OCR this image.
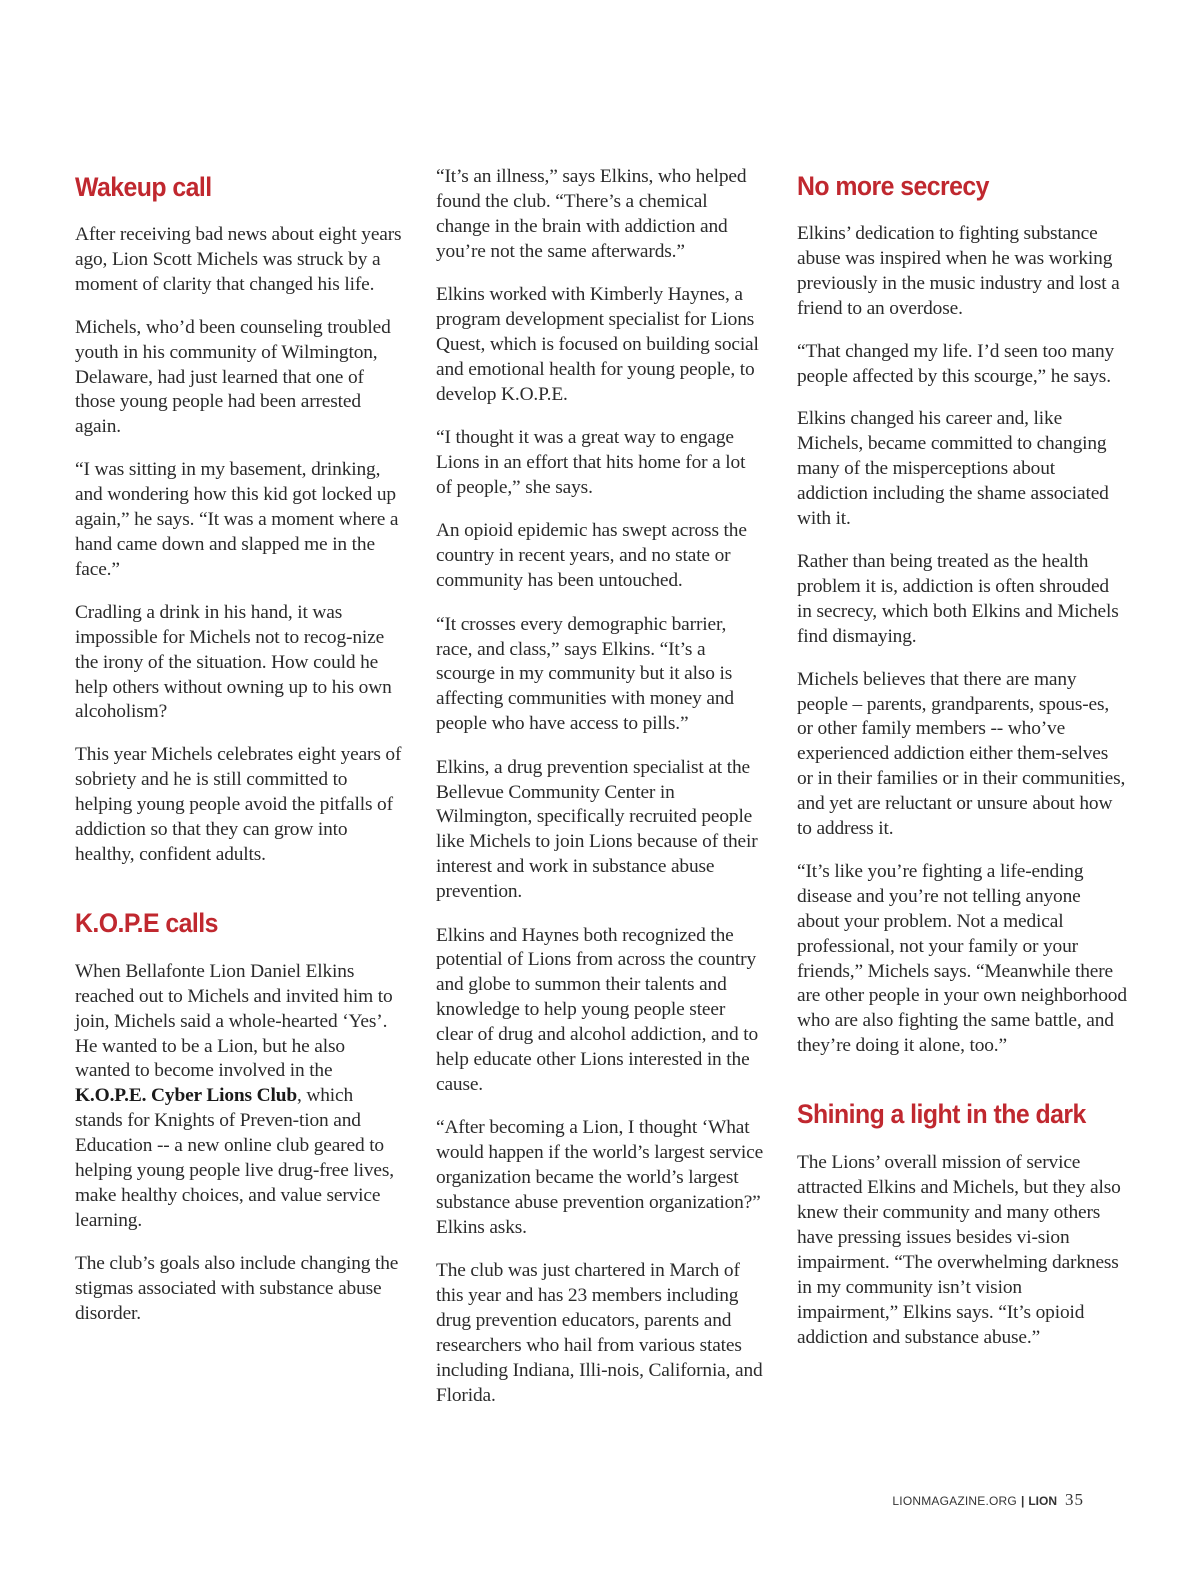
Wakeup call

After receiving bad news about eight years ago, Lion Scott Michels was struck by a moment of clarity that changed his life.

Michels, who’d been counseling troubled youth in his community of Wilmington, Delaware, had just learned that one of those young people had been arrested again.

“I was sitting in my basement, drinking, and wondering how this kid got locked up again,” he says. “It was a moment where a hand came down and slapped me in the face.”

Cradling a drink in his hand, it was impossible for Michels not to recog-nize the irony of the situation. How could he help others without owning up to his own alcoholism?

This year Michels celebrates eight years of sobriety and he is still committed to helping young people avoid the pitfalls of addiction so that they can grow into healthy, confident adults.

K.O.P.E calls

When Bellafonte Lion Daniel Elkins reached out to Michels and invited him to join, Michels said a whole-hearted ‘Yes’. He wanted to be a Lion, but he also wanted to become involved in the K.O.P.E. Cyber Lions Club, which stands for Knights of Preven-tion and Education -- a new online club geared to helping young people live drug-free lives, make healthy choices, and value service learning.

The club’s goals also include changing the stigmas associated with substance abuse disorder.

“It’s an illness,” says Elkins, who helped found the club. “There’s a chemical change in the brain with addiction and you’re not the same afterwards.”

Elkins worked with Kimberly Haynes, a program development specialist for Lions Quest, which is focused on building social and emotional health for young people, to develop K.O.P.E.

“I thought it was a great way to engage Lions in an effort that hits home for a lot of people,” she says.

An opioid epidemic has swept across the country in recent years, and no state or community has been untouched.

“It crosses every demographic barrier, race, and class,” says Elkins. “It’s a scourge in my community but it also is affecting communities with money and people who have access to pills.”

Elkins, a drug prevention specialist at the Bellevue Community Center in Wilmington, specifically recruited people like Michels to join Lions because of their interest and work in substance abuse prevention.

Elkins and Haynes both recognized the potential of Lions from across the country and globe to summon their talents and knowledge to help young people steer clear of drug and alcohol addiction, and to help educate other Lions interested in the cause.

“After becoming a Lion, I thought ‘What would happen if the world’s largest service organization became the world’s largest substance abuse prevention organization?” Elkins asks.

The club was just chartered in March of this year and has 23 members including drug prevention educators, parents and researchers who hail from various states including Indiana, Illi-nois, California, and Florida.

No more secrecy

Elkins’ dedication to fighting substance abuse was inspired when he was working previously in the music industry and lost a friend to an overdose.

“That changed my life. I’d seen too many people affected by this scourge,” he says.

Elkins changed his career and, like Michels, became committed to changing many of the misperceptions about addiction including the shame associated with it.

Rather than being treated as the health problem it is, addiction is often shrouded in secrecy, which both Elkins and Michels find dismaying.

Michels believes that there are many people – parents, grandparents, spous-es, or other family members -- who’ve experienced addiction either them-selves or in their families or in their communities, and yet are reluctant or unsure about how to address it.

“It’s like you’re fighting a life-ending disease and you’re not telling anyone about your problem. Not a medical professional, not your family or your friends,” Michels says. “Meanwhile there are other people in your own neighborhood who are also fighting the same battle, and they’re doing it alone, too.”

Shining a light in the dark

The Lions’ overall mission of service attracted Elkins and Michels, but they also knew their community and many others have pressing issues besides vi-sion impairment. “The overwhelming darkness in my community isn’t vision impairment,” Elkins says. “It’s opioid addiction and substance abuse.”

LIONMAGAZINE.ORG | LION 35
